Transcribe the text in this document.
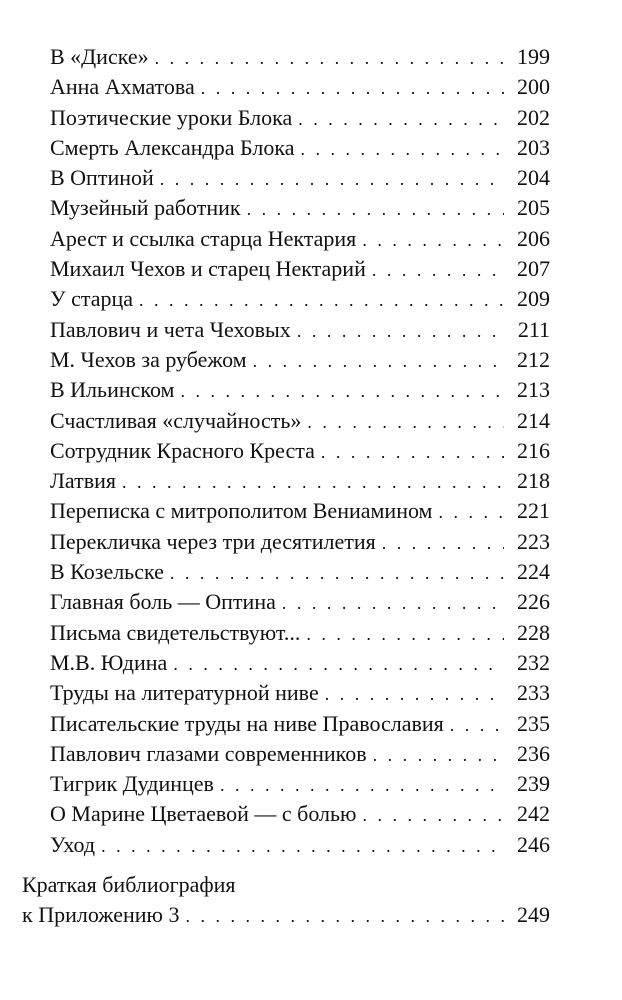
В «Диске» . . .	199
Анна Ахматова . . .	200
Поэтические уроки Блока . . .	202
Смерть Александра Блока . . .	203
В Оптиной . . .	204
Музейный работник . . .	205
Арест и ссылка старца Нектария . . .	206
Михаил Чехов и старец Нектарий . . .	207
У старца . . .	209
Павлович и чета Чеховых . . .	211
М. Чехов за рубежом . . .	212
В Ильинском . . .	213
Счастливая «случайность» . . .	214
Сотрудник Красного Креста . . .	216
Латвия . . .	218
Переписка с митрополитом Вениамином . . .	221
Перекличка через три десятилетия . . .	223
В Козельске . . .	224
Главная боль — Оптина . . .	226
Письма свидетельствуют... . . .	228
М.В. Юдина . . .	232
Труды на литературной ниве . . .	233
Писательские труды на ниве Православия . . .	235
Павлович глазами современников . . .	236
Тигрик Дудинцев . . .	239
О Марине Цветаевой — с болью . . .	242
Уход . . .	246
Краткая библиография
к Приложению 3 . . .	249
